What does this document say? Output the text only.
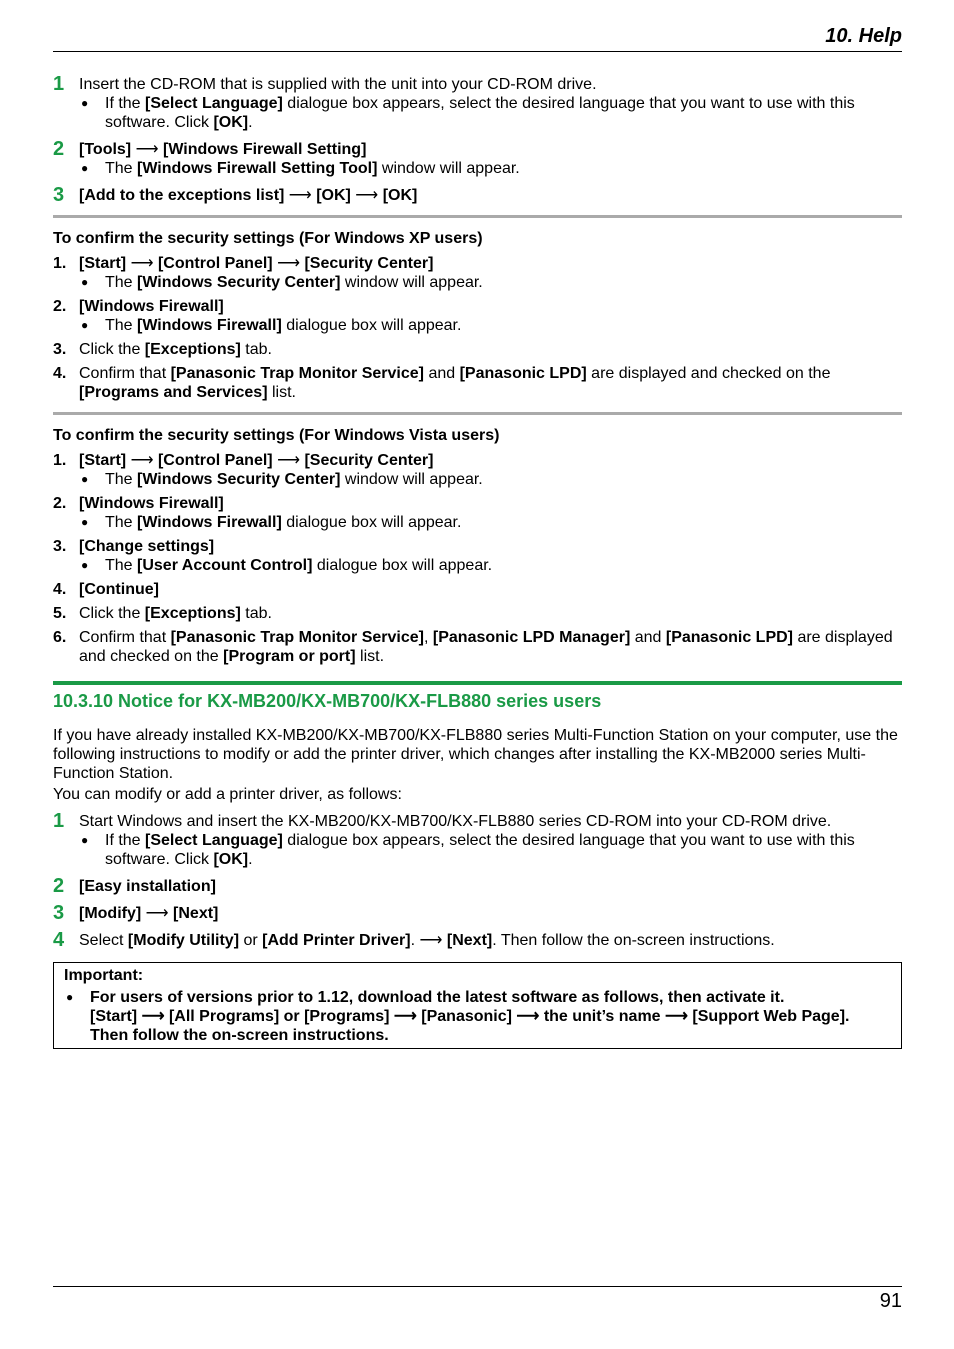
10. Help
1 Insert the CD-ROM that is supplied with the unit into your CD-ROM drive.
● If the [Select Language] dialogue box appears, select the desired language that you want to use with this software. Click [OK].
2 [Tools] ⟶ [Windows Firewall Setting]
● The [Windows Firewall Setting Tool] window will appear.
3 [Add to the exceptions list] ⟶ [OK] ⟶ [OK]
To confirm the security settings (For Windows XP users)
1. [Start] ⟶ [Control Panel] ⟶ [Security Center]
● The [Windows Security Center] window will appear.
2. [Windows Firewall]
● The [Windows Firewall] dialogue box will appear.
3. Click the [Exceptions] tab.
4. Confirm that [Panasonic Trap Monitor Service] and [Panasonic LPD] are displayed and checked on the [Programs and Services] list.
To confirm the security settings (For Windows Vista users)
1. [Start] ⟶ [Control Panel] ⟶ [Security Center]
● The [Windows Security Center] window will appear.
2. [Windows Firewall]
● The [Windows Firewall] dialogue box will appear.
3. [Change settings]
● The [User Account Control] dialogue box will appear.
4. [Continue]
5. Click the [Exceptions] tab.
6. Confirm that [Panasonic Trap Monitor Service], [Panasonic LPD Manager] and [Panasonic LPD] are displayed and checked on the [Program or port] list.
10.3.10 Notice for KX-MB200/KX-MB700/KX-FLB880 series users
If you have already installed KX-MB200/KX-MB700/KX-FLB880 series Multi-Function Station on your computer, use the following instructions to modify or add the printer driver, which changes after installing the KX-MB2000 series Multi-Function Station.
You can modify or add a printer driver, as follows:
1 Start Windows and insert the KX-MB200/KX-MB700/KX-FLB880 series CD-ROM into your CD-ROM drive.
● If the [Select Language] dialogue box appears, select the desired language that you want to use with this software. Click [OK].
2 [Easy installation]
3 [Modify] ⟶ [Next]
4 Select [Modify Utility] or [Add Printer Driver]. ⟶ [Next]. Then follow the on-screen instructions.
Important:
● For users of versions prior to 1.12, download the latest software as follows, then activate it.
[Start] ⟶ [All Programs] or [Programs] ⟶ [Panasonic] ⟶ the unit’s name ⟶ [Support Web Page].
Then follow the on-screen instructions.
91
